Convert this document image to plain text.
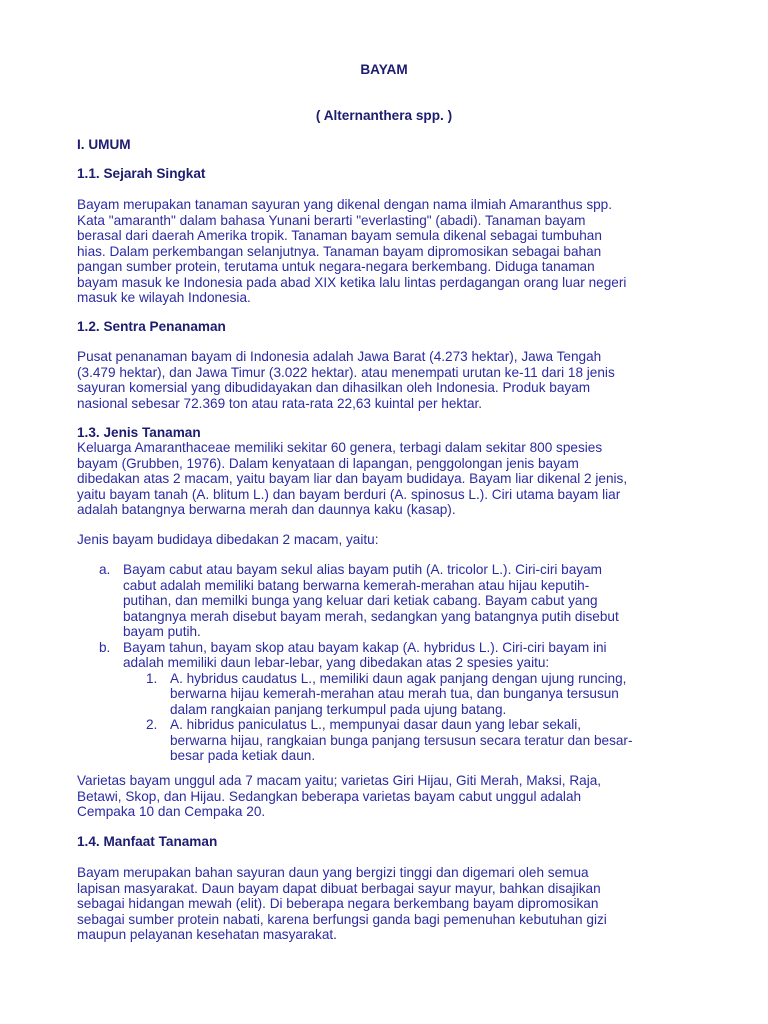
BAYAM
( Alternanthera spp. )
I. UMUM
1.1. Sejarah Singkat
Bayam merupakan tanaman sayuran yang dikenal dengan nama ilmiah Amaranthus spp.
Kata "amaranth" dalam bahasa Yunani berarti "everlasting" (abadi). Tanaman bayam
berasal dari daerah Amerika tropik. Tanaman bayam semula dikenal sebagai tumbuhan
hias. Dalam perkembangan selanjutnya. Tanaman bayam dipromosikan sebagai bahan
pangan sumber protein, terutama untuk negara-negara berkembang. Diduga tanaman
bayam masuk ke Indonesia pada abad XIX ketika lalu lintas perdagangan orang luar negeri
masuk ke wilayah Indonesia.
1.2. Sentra Penanaman
Pusat penanaman bayam di Indonesia adalah Jawa Barat (4.273 hektar), Jawa Tengah
(3.479 hektar), dan Jawa Timur (3.022 hektar). atau menempati urutan ke-11 dari 18 jenis
sayuran komersial yang dibudidayakan dan dihasilkan oleh Indonesia. Produk bayam
nasional sebesar 72.369 ton atau rata-rata 22,63 kuintal per hektar.
1.3. Jenis Tanaman
Keluarga Amaranthaceae memiliki sekitar 60 genera, terbagi dalam sekitar 800 spesies
bayam (Grubben, 1976). Dalam kenyataan di lapangan, penggolongan jenis bayam
dibedakan atas 2 macam, yaitu bayam liar dan bayam budidaya. Bayam liar dikenal 2 jenis,
yaitu bayam tanah (A. blitum L.) dan bayam berduri (A. spinosus L.). Ciri utama bayam liar
adalah batangnya berwarna merah dan daunnya kaku (kasap).
Jenis bayam budidaya dibedakan 2 macam, yaitu:
a. Bayam cabut atau bayam sekul alias bayam putih (A. tricolor L.). Ciri-ciri bayam
cabut adalah memiliki batang berwarna kemerah-merahan atau hijau keputih-
putihan, dan memilki bunga yang keluar dari ketiak cabang. Bayam cabut yang
batangnya merah disebut bayam merah, sedangkan yang batangnya putih disebut
bayam putih.
b. Bayam tahun, bayam skop atau bayam kakap (A. hybridus L.). Ciri-ciri bayam ini
adalah memiliki daun lebar-lebar, yang dibedakan atas 2 spesies yaitu:
1. A. hybridus caudatus L., memiliki daun agak panjang dengan ujung runcing,
berwarna hijau kemerah-merahan atau merah tua, dan bunganya tersusun
dalam rangkaian panjang terkumpul pada ujung batang.
2. A. hibridus paniculatus L., mempunyai dasar daun yang lebar sekali,
berwarna hijau, rangkaian bunga panjang tersusun secara teratur dan besar-
besar pada ketiak daun.
Varietas bayam unggul ada 7 macam yaitu; varietas Giri Hijau, Giti Merah, Maksi, Raja,
Betawi, Skop, dan Hijau. Sedangkan beberapa varietas bayam cabut unggul adalah
Cempaka 10 dan Cempaka 20.
1.4. Manfaat Tanaman
Bayam merupakan bahan sayuran daun yang bergizi tinggi dan digemari oleh semua
lapisan masyarakat. Daun bayam dapat dibuat berbagai sayur mayur, bahkan disajikan
sebagai hidangan mewah (elit). Di beberapa negara berkembang bayam dipromosikan
sebagai sumber protein nabati, karena berfungsi ganda bagi pemenuhan kebutuhan gizi
maupun pelayanan kesehatan masyarakat.
